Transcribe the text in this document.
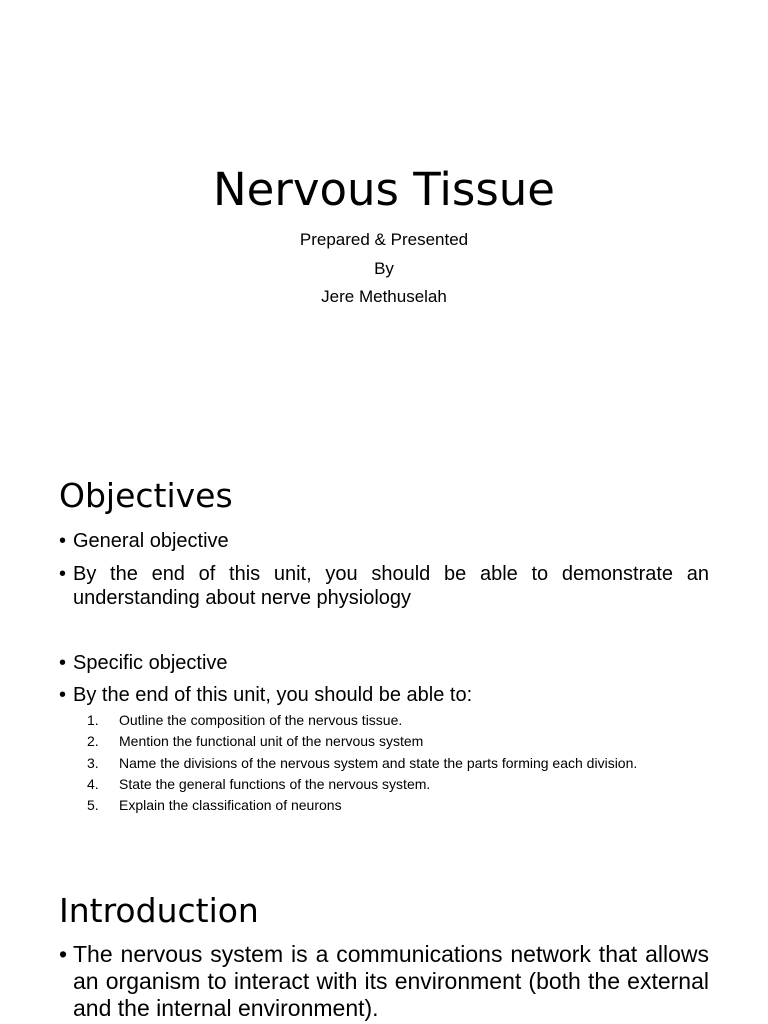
Nervous Tissue
Prepared & Presented
By
Jere Methuselah
Objectives
• General objective
• By the end of this unit, you should be able to demonstrate an understanding about nerve physiology
• Specific objective
• By the end of this unit, you should be able to:
1. Outline the composition of the nervous tissue.
2. Mention the functional unit of the nervous system
3. Name the divisions of the nervous system and state the parts forming each division.
4. State the general functions of the nervous system.
5. Explain the classification of neurons
Introduction
• The nervous system is a communications network that allows an organism to interact with its environment (both the external and the internal environment).
